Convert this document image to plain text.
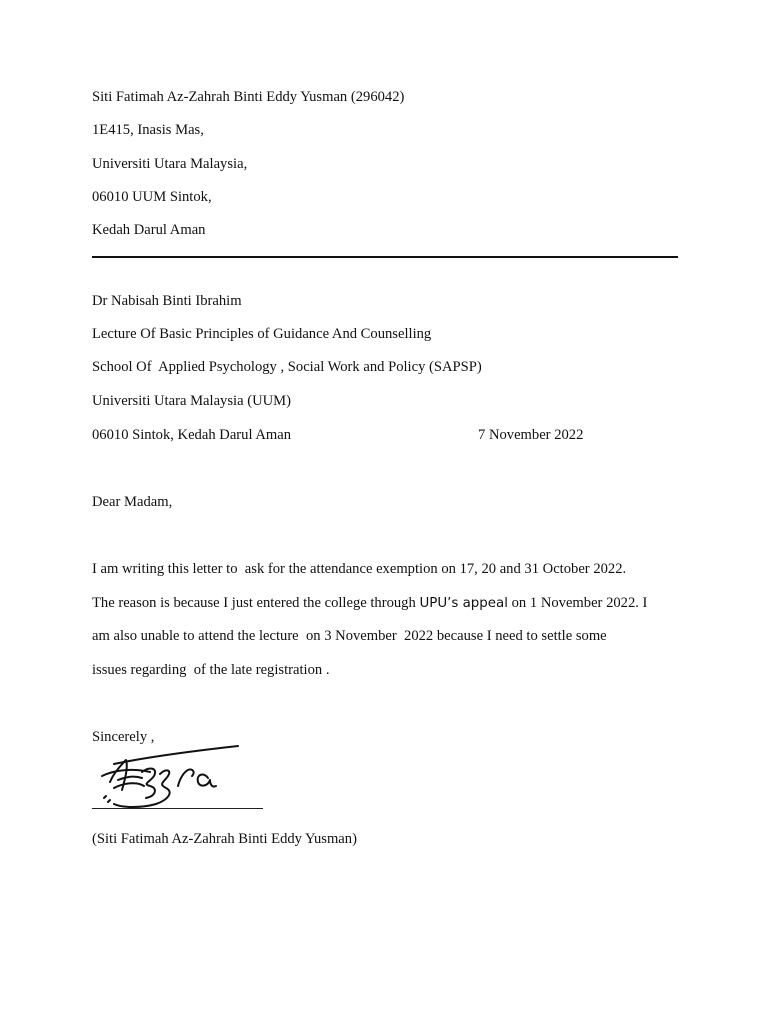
Siti Fatimah Az-Zahrah Binti Eddy Yusman (296042)
1E415, Inasis Mas,
Universiti Utara Malaysia,
06010 UUM Sintok,
Kedah Darul Aman
Dr Nabisah Binti Ibrahim
Lecture Of Basic Principles of Guidance And Counselling
School Of  Applied Psychology , Social Work and Policy (SAPSP)
Universiti Utara Malaysia (UUM)
06010 Sintok, Kedah Darul Aman	7 November 2022
Dear Madam,
I am writing this letter to  ask for the attendance exemption on 17, 20 and 31 October 2022.
The reason is because I just entered the college through UPU’s appeal on 1 November 2022. I
am also unable to attend the lecture  on 3 November  2022 because I need to settle some
issues regarding  of the late registration .
Sincerely ,
(Siti Fatimah Az-Zahrah Binti Eddy Yusman)
